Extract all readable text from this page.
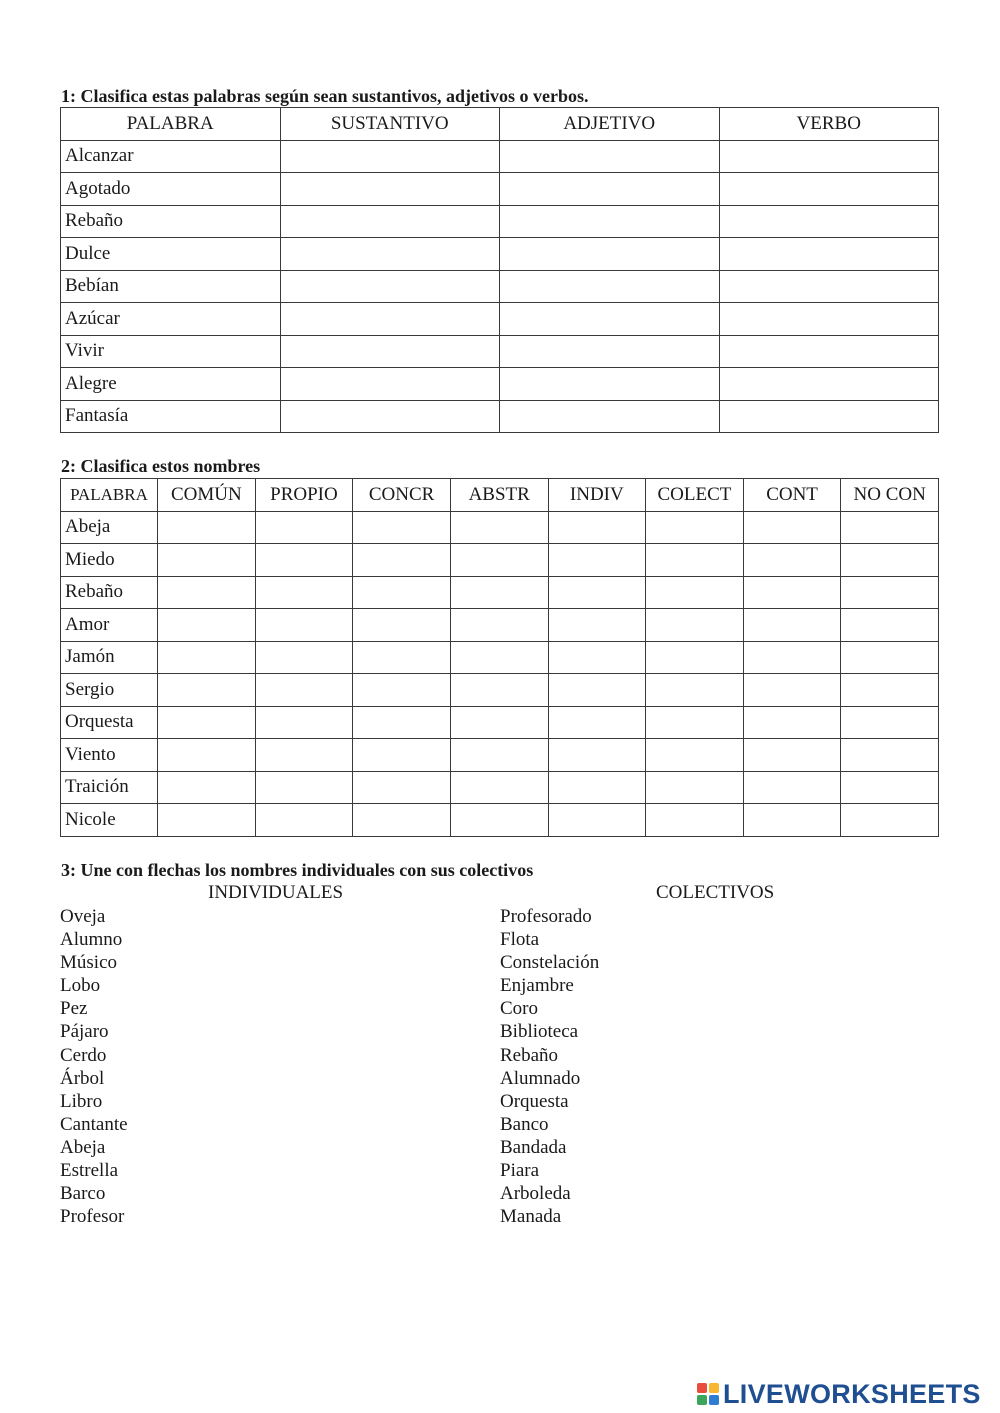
1: Clasifica estas palabras según sean sustantivos, adjetivos o verbos.
PALABRA	SUSTANTIVO	ADJETIVO	VERBO
Alcanzar			
Agotado			
Rebaño			
Dulce			
Bebían			
Azúcar			
Vivir			
Alegre			
Fantasía			
2: Clasifica estos nombres
PALABRA	COMÚN	PROPIO	CONCR	ABSTR	INDIV	COLECT	CONT	NO CON
Abeja								
Miedo								
Rebaño								
Amor								
Jamón								
Sergio								
Orquesta								
Viento								
Traición								
Nicole								
3: Une con flechas los nombres individuales con sus colectivos
INDIVIDUALES	COLECTIVOS
Oveja
Alumno
Músico
Lobo
Pez
Pájaro
Cerdo
Árbol
Libro
Cantante
Abeja
Estrella
Barco
Profesor
Profesorado
Flota
Constelación
Enjambre
Coro
Biblioteca
Rebaño
Alumnado
Orquesta
Banco
Bandada
Piara
Arboleda
Manada
LIVEWORKSHEETS
